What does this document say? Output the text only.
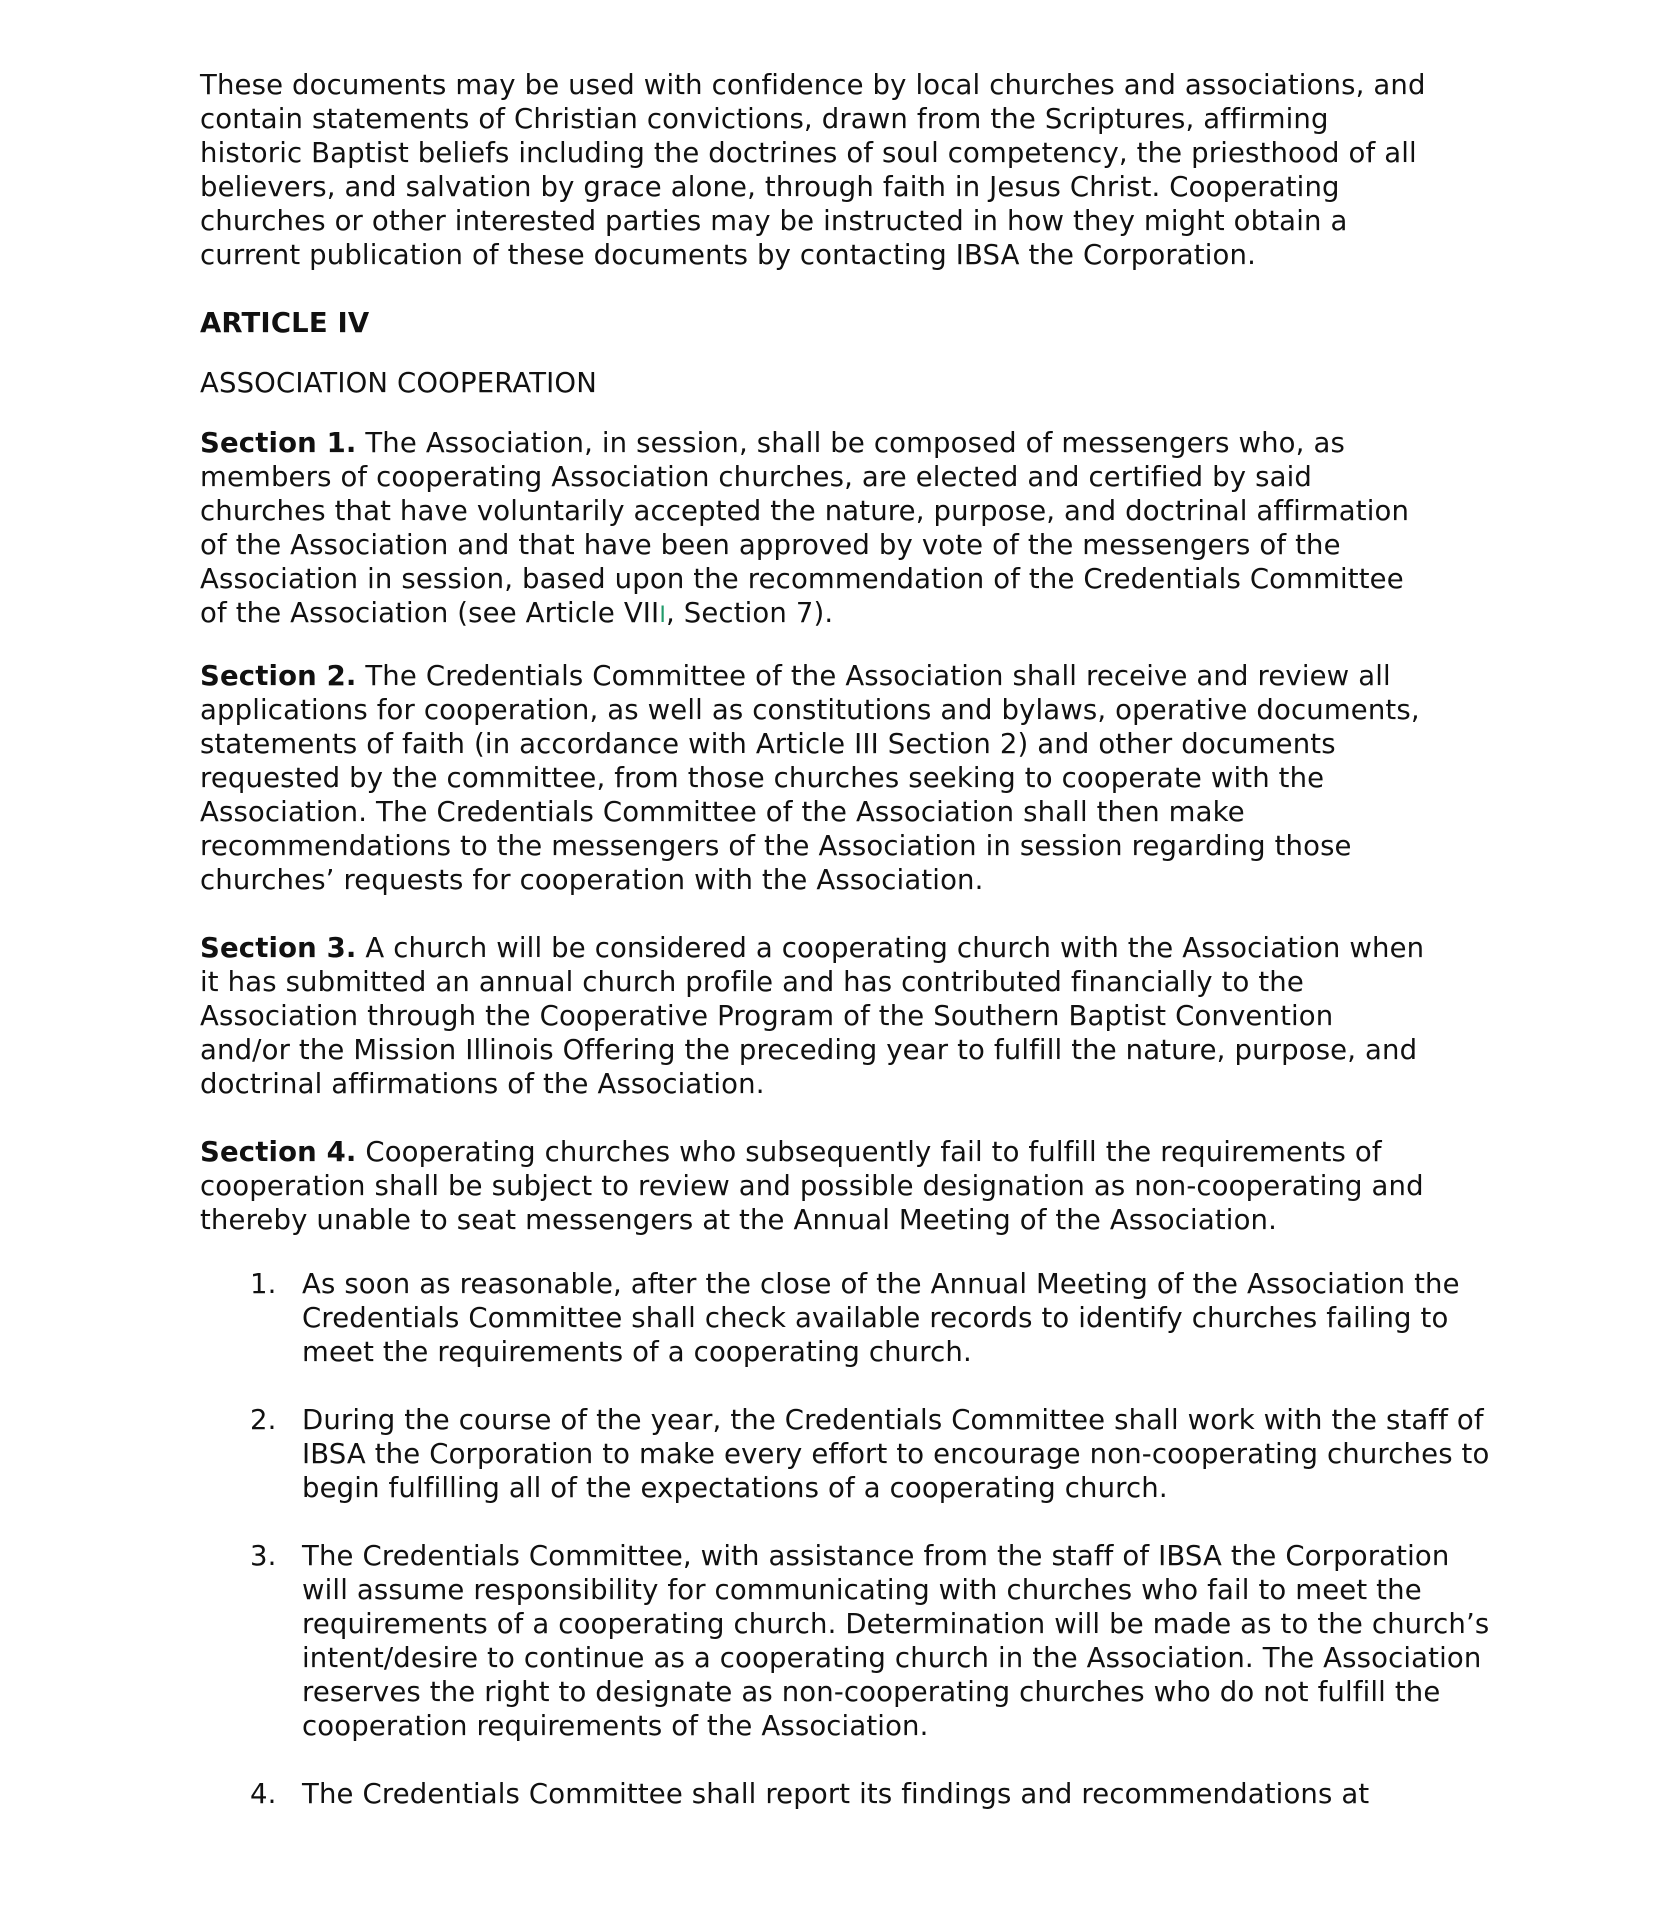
These documents may be used with confidence by local churches and associations, and contain statements of Christian convictions, drawn from the Scriptures, affirming historic Baptist beliefs including the doctrines of soul competency, the priesthood of all believers, and salvation by grace alone, through faith in Jesus Christ. Cooperating churches or other interested parties may be instructed in how they might obtain a current publication of these documents by contacting IBSA the Corporation.

ARTICLE IV

ASSOCIATION COOPERATION

Section 1. The Association, in session, shall be composed of messengers who, as members of cooperating Association churches, are elected and certified by said churches that have voluntarily accepted the nature, purpose, and doctrinal affirmation of the Association and that have been approved by vote of the messengers of the Association in session, based upon the recommendation of the Credentials Committee of the Association (see Article VIII, Section 7).

Section 2. The Credentials Committee of the Association shall receive and review all applications for cooperation, as well as constitutions and bylaws, operative documents, statements of faith (in accordance with Article III Section 2) and other documents requested by the committee, from those churches seeking to cooperate with the Association. The Credentials Committee of the Association shall then make recommendations to the messengers of the Association in session regarding those churches’ requests for cooperation with the Association.

Section 3. A church will be considered a cooperating church with the Association when it has submitted an annual church profile and has contributed financially to the Association through the Cooperative Program of the Southern Baptist Convention and/or the Mission Illinois Offering the preceding year to fulfill the nature, purpose, and doctrinal affirmations of the Association.

Section 4. Cooperating churches who subsequently fail to fulfill the requirements of cooperation shall be subject to review and possible designation as non-cooperating and thereby unable to seat messengers at the Annual Meeting of the Association.

1. As soon as reasonable, after the close of the Annual Meeting of the Association the Credentials Committee shall check available records to identify churches failing to meet the requirements of a cooperating church.
2. During the course of the year, the Credentials Committee shall work with the staff of IBSA the Corporation to make every effort to encourage non-cooperating churches to begin fulfilling all of the expectations of a cooperating church.
3. The Credentials Committee, with assistance from the staff of IBSA the Corporation will assume responsibility for communicating with churches who fail to meet the requirements of a cooperating church. Determination will be made as to the church’s intent/desire to continue as a cooperating church in the Association. The Association reserves the right to designate as non-cooperating churches who do not fulfill the cooperation requirements of the Association.
4. The Credentials Committee shall report its findings and recommendations at
